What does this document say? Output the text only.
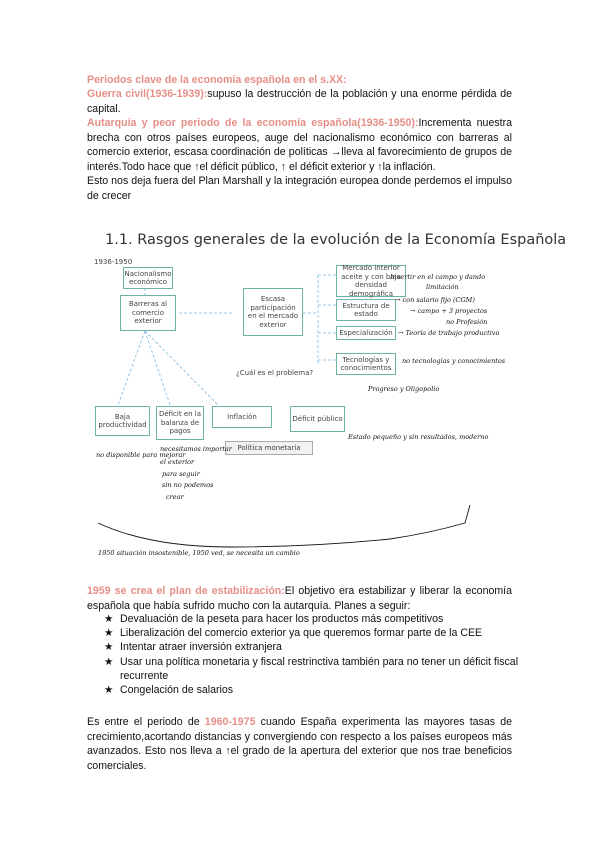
Periodos clave de la economía española en el s.XX:
Guerra civil(1936-1939):supuso la destrucción de la población y una enorme pérdida de capital.
Autarquía y peor periodo de la economía española(1936-1950):Incrementa nuestra brecha con otros países europeos, auge del nacionalismo económico con barreras al comercio exterior, escasa coordinación de políticas →lleva al favorecimiento de grupos de interés.Todo hace que ↑el déficit público, ↑ el déficit exterior y ↑la inflación.
Esto nos deja fuera del Plan Marshall y la integración europea donde perdemos el impulso de crecer
1.1. Rasgos generales de la evolución de la Economía Española
1936-1950
Nacionalismo económico
Barreras al comercio exterior
Escasa participación en el mercado exterior
Mercado interior aceite y con baja densidad demográfica
Estructura de estado
Especialización
Tecnologías y conocimientos
¿Cuál es el problema?
Baja productividad
Déficit en la balanza de pagos
Inflación	Déficit público
Política monetaria
Invertir en el campo y dando
limitación
→ con salario fijo (CGM)
→ campo + 3 proyectos
no Profesión
→ Teoría de trabajo productivo
no tecnologías y conocimientos
Progreso y Oligopolio
Estado pequeño y sin resultados, moderno
no disponible para mejorar
necesitamos importar
el exterior
para seguir
sin no podemos
crear
1950 situación insostenible, 1950 ved, se necesita un cambio
1959 se crea el plan de estabilización:El objetivo era estabilizar y liberar la economía española que había sufrido mucho con la autarquía. Planes a seguir:
★ Devaluación de la peseta para hacer los productos más competitivos
★ Liberalización del comercio exterior ya que queremos formar parte de la CEE
★ Intentar atraer inversión extranjera
★ Usar una política monetaria y fiscal restrinctiva también para no tener un déficit fiscal recurrente
★ Congelación de salarios
Es entre el periodo de 1960-1975 cuando España experimenta las mayores tasas de crecimiento,acortando distancias y convergiendo con respecto a los países europeos más avanzados. Esto nos lleva a ↑el grado de la apertura del exterior que nos trae beneficios comerciales.
